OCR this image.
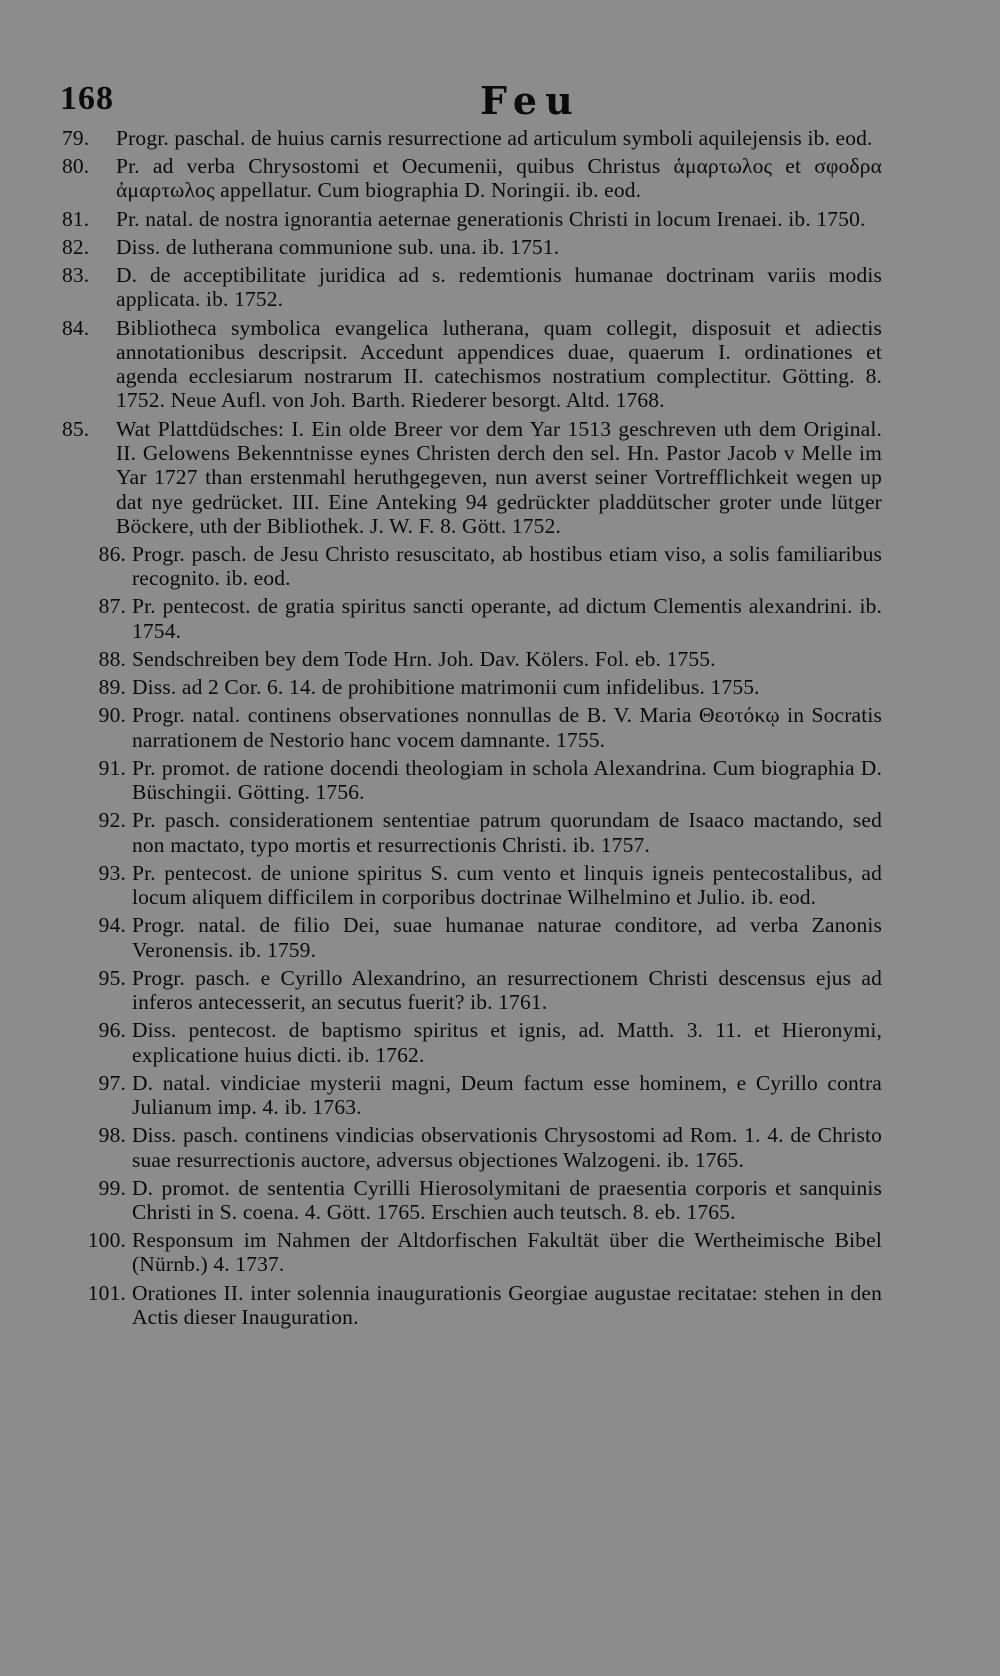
168	Feu
79.	Progr. paschal. de huius carnis resurrectione ad articulum symboli aquilejensis ib. eod.
80.	Pr. ad verba Chrysostomi et Oecumenii, quibus Christus ἁμαρτωλος et σφοδρα ἀμαρτωλος appellatur. Cum biographia D. Noringii. ib. eod.
81.	Pr. natal. de nostra ignorantia aeternae generationis Christi in locum Irenaei. ib. 1750.
82.	Diss. de lutherana communione sub. una. ib. 1751.
83.	D. de acceptibilitate juridica ad s. redemtionis humanae doctrinam variis modis applicata. ib. 1752.
84.	Bibliotheca symbolica evangelica lutherana, quam collegit, disposuit et adiectis annotationibus descripsit. Accedunt appendices duae, quaerum I. ordinationes et agenda ecclesiarum nostrarum II. catechismos nostratium complectitur. Götting. 8. 1752. Neue Aufl. von Joh. Barth. Riederer besorgt. Altd. 1768.
85.	Wat Plattdüdsches: I. Ein olde Breer vor dem Yar 1513 geschreven uth dem Original. II. Gelowens Bekenntnisse eynes Christen derch den sel. Hn. Pastor Jacob v Melle im Yar 1727 than erstenmahl heruthgegeven, nun averst seiner Vortrefflichkeit wegen up dat nye gedrücket. III. Eine Anteking 94 gedrückter pladdütscher groter unde lütger Böckere, uth der Bibliothek. J. W. F. 8. Gött. 1752.
86. Progr. pasch. de Jesu Christo resuscitato, ab hostibus etiam viso, a solis familiaribus recognito. ib. eod.
87. Pr. pentecost. de gratia spiritus sancti operante, ad dictum Clementis alexandrini. ib. 1754.
88. Sendschreiben bey dem Tode Hrn. Joh. Dav. Kölers. Fol. eb. 1755.
89. Diss. ad 2 Cor. 6. 14. de prohibitione matrimonii cum infidelibus. 1755.
90. Progr. natal. continens observationes nonnullas de B. V. Maria Θεοτόκῳ in Socratis narrationem de Nestorio hanc vocem damnante. 1755.
91. Pr. promot. de ratione docendi theologiam in schola Alexandrina. Cum biographia D. Büschingii. Götting. 1756.
92. Pr. pasch. considerationem sententiae patrum quorundam de Isaaco mactando, sed non mactato, typo mortis et resurrectionis Christi. ib. 1757.
93. Pr. pentecost. de unione spiritus S. cum vento et linquis igneis pentecostalibus, ad locum aliquem difficilem in corporibus doctrinae Wilhelmino et Julio. ib. eod.
94. Progr. natal. de filio Dei, suae humanae naturae conditore, ad verba Zanonis Veronensis. ib. 1759.
95. Progr. pasch. e Cyrillo Alexandrino, an resurrectionem Christi descensus ejus ad inferos antecesserit, an secutus fuerit? ib. 1761.
96. Diss. pentecost. de baptismo spiritus et ignis, ad. Matth. 3. 11. et Hieronymi, explicatione huius dicti. ib. 1762.
97. D. natal. vindiciae mysterii magni, Deum factum esse hominem, e Cyrillo contra Julianum imp. 4. ib. 1763.
98. Diss. pasch. continens vindicias observationis Chrysostomi ad Rom. 1. 4. de Christo suae resurrectionis auctore, adversus objectiones Walzogeni. ib. 1765.
99. D. promot. de sententia Cyrilli Hierosolymitani de praesentia corporis et sanquinis Christi in S. coena. 4. Gött. 1765. Erschien auch teutsch. 8. eb. 1765.
100. Responsum im Nahmen der Altdorfischen Fakultät über die Wertheimische Bibel (Nürnb.) 4. 1737.
101. Orationes II. inter solennia inaugurationis Georgiae augustae recitatae: stehen in den Actis dieser Inauguration.
